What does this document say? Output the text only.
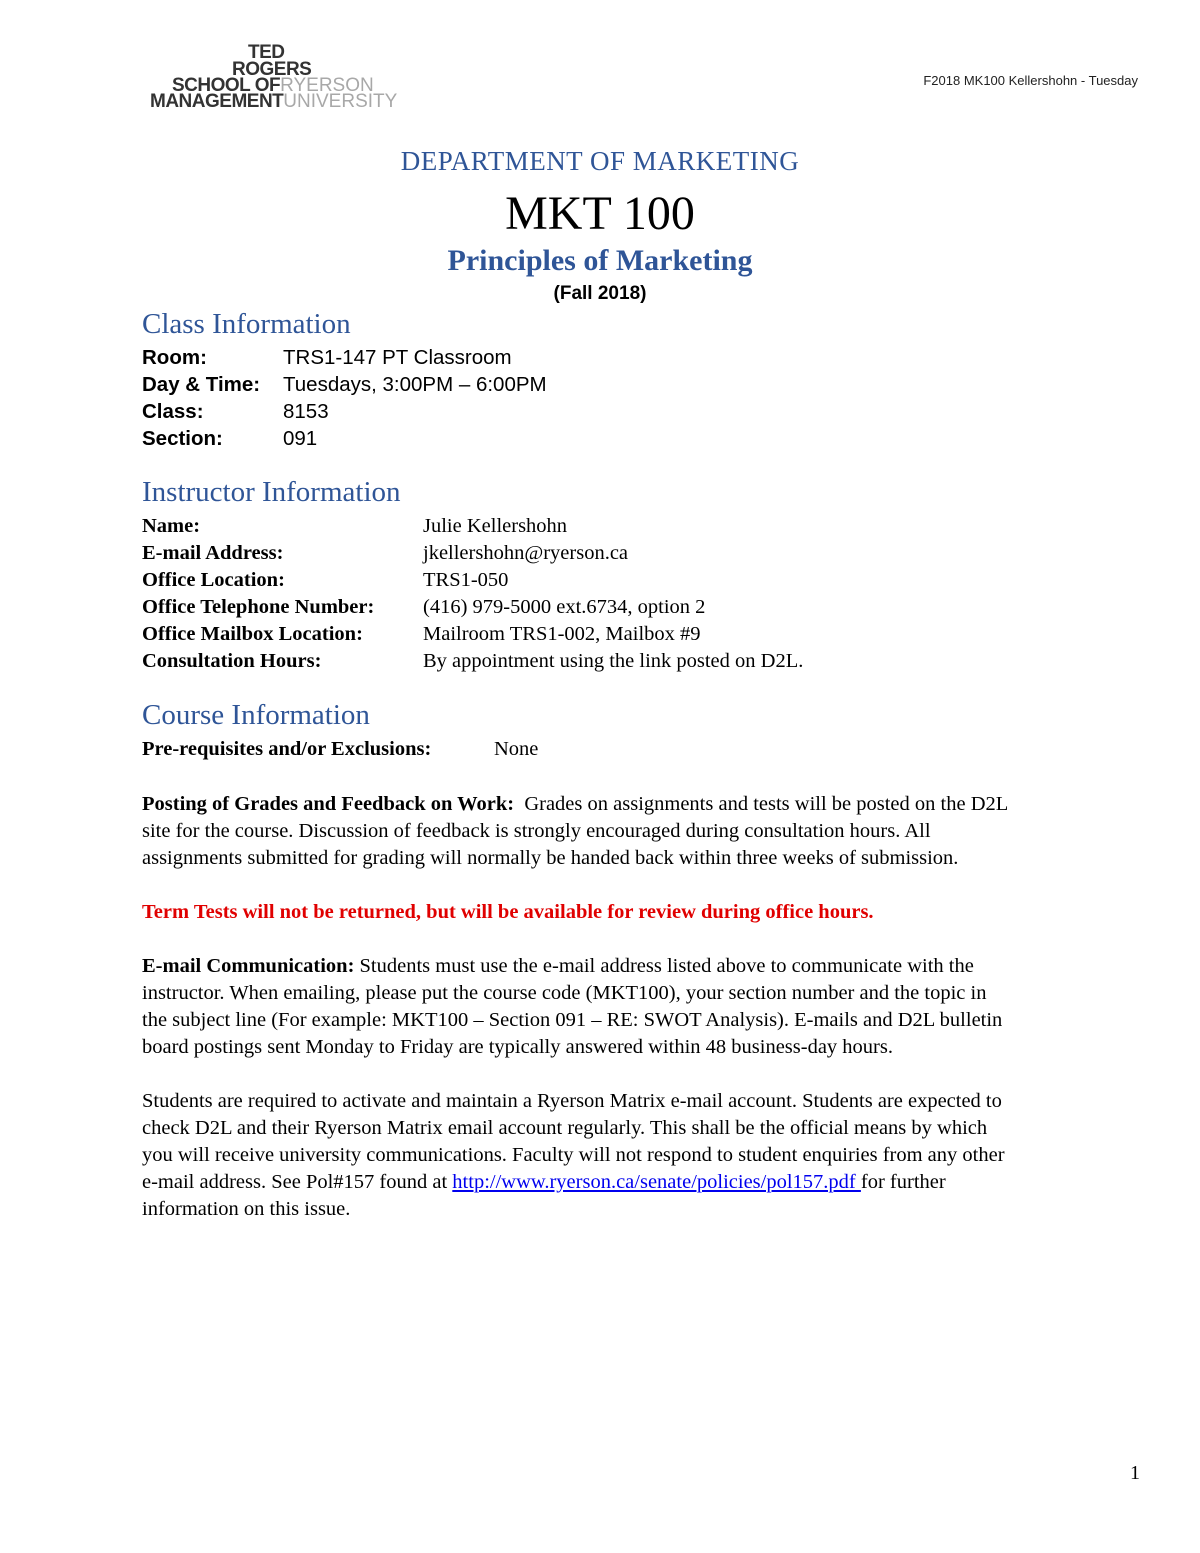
TED
ROGERS
SCHOOL OFRYERSON
MANAGEMENTUNIVERSITY
F2018 MK100 Kellershohn - Tuesday
DEPARTMENT OF MARKETING
MKT 100
Principles of Marketing
(Fall 2018)
Class Information
Room:	TRS1-147 PT Classroom
Day & Time: Tuesdays, 3:00PM – 6:00PM
Class:	8153
Section:	091
Instructor Information
Name:	Julie Kellershohn
E-mail Address:	jkellershohn@ryerson.ca
Office Location:	TRS1-050
Office Telephone Number: (416) 979-5000 ext.6734, option 2
Office Mailbox Location:	Mailroom TRS1-002, Mailbox #9
Consultation Hours:	By appointment using the link posted on D2L.
Course Information
Pre-requisites and/or Exclusions:	None
Posting of Grades and Feedback on Work: Grades on assignments and tests will be posted on the D2L
site for the course. Discussion of feedback is strongly encouraged during consultation hours. All
assignments submitted for grading will normally be handed back within three weeks of submission.
Term Tests will not be returned, but will be available for review during office hours.
E-mail Communication: Students must use the e-mail address listed above to communicate with the
instructor. When emailing, please put the course code (MKT100), your section number and the topic in
the subject line (For example: MKT100 – Section 091 – RE: SWOT Analysis). E-mails and D2L bulletin
board postings sent Monday to Friday are typically answered within 48 business-day hours.
Students are required to activate and maintain a Ryerson Matrix e-mail account. Students are expected to
check D2L and their Ryerson Matrix email account regularly. This shall be the official means by which
you will receive university communications. Faculty will not respond to student enquiries from any other
e-mail address. See Pol#157 found at http://www.ryerson.ca/senate/policies/pol157.pdf for further
information on this issue.
1
